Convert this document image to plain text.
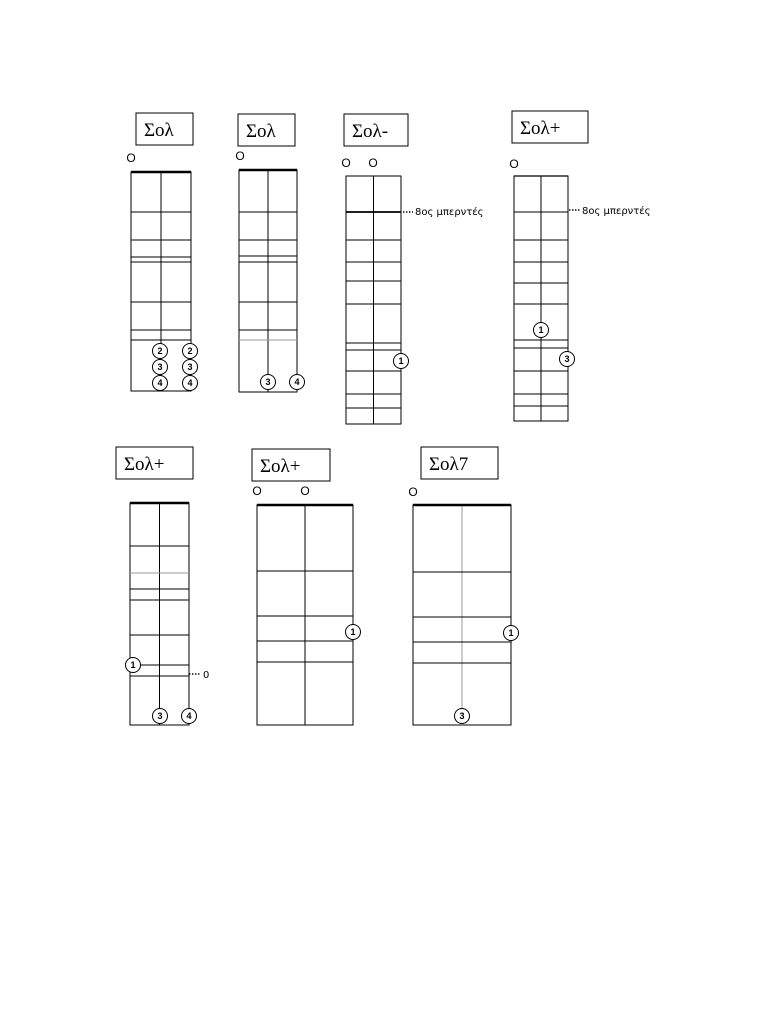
Σολ
O
2	2
3	3
4	4
Σολ
O
3	4
Σολ-
O O
1
8ος μπερντές
Σολ+
O
1
3
8ος μπερντές
Σολ+
1
3	4
0
Σολ+
O	O
1
Σολ7
O
1
3
